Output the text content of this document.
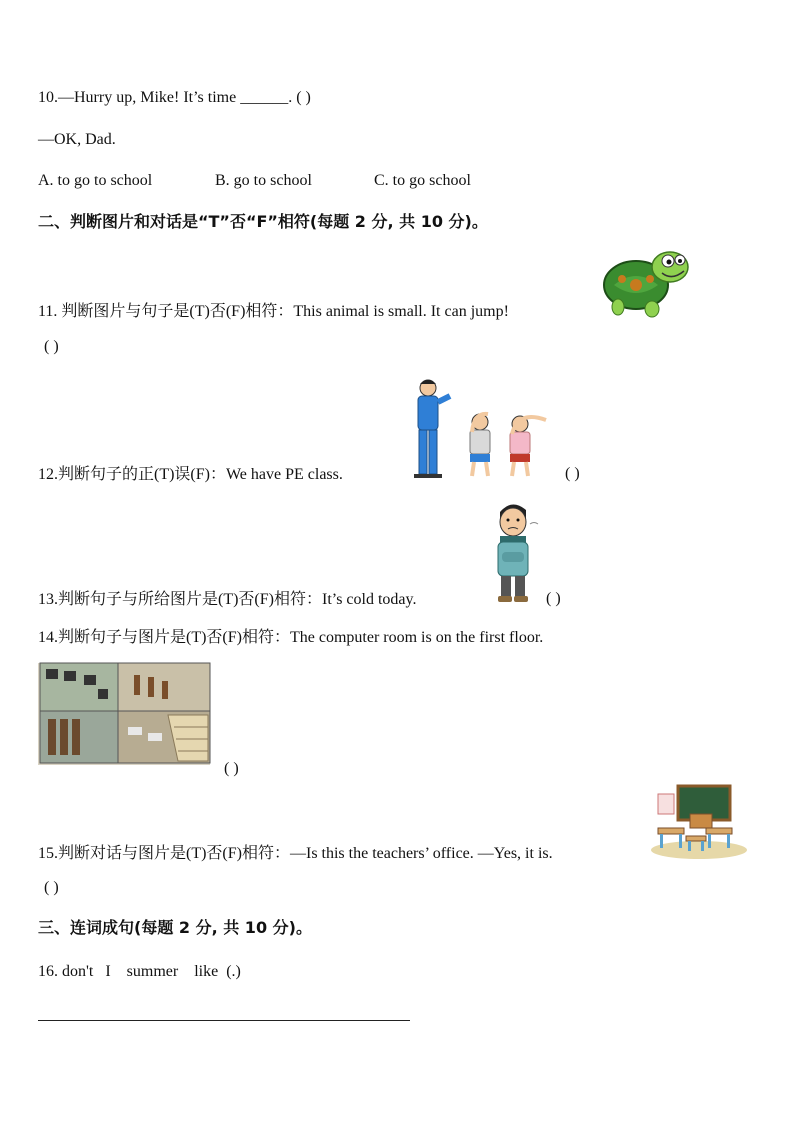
10.—Hurry up, Mike! It’s time ______. ( )
—OK, Dad.
A. to go to school	B. go to school	C. to go school
二、判断图片和对话是“T”否“F”相符(每题 2 分, 共 10 分)。
11. 判断图片与句子是(T)否(F)相符：This animal is small. It can jump!
( )
12.判断句子的正(T)误(F)：We have PE class.	( )
13.判断句子与所给图片是(T)否(F)相符：It’s cold today.	( )
14.判断句子与图片是(T)否(F)相符：The computer room is on the first floor.
( )
15.判断对话与图片是(T)否(F)相符：—Is this the teachers’ office. —Yes, it is.
( )
三、连词成句(每题 2 分, 共 10 分)。
16. don't   I    summer    like  (.)
